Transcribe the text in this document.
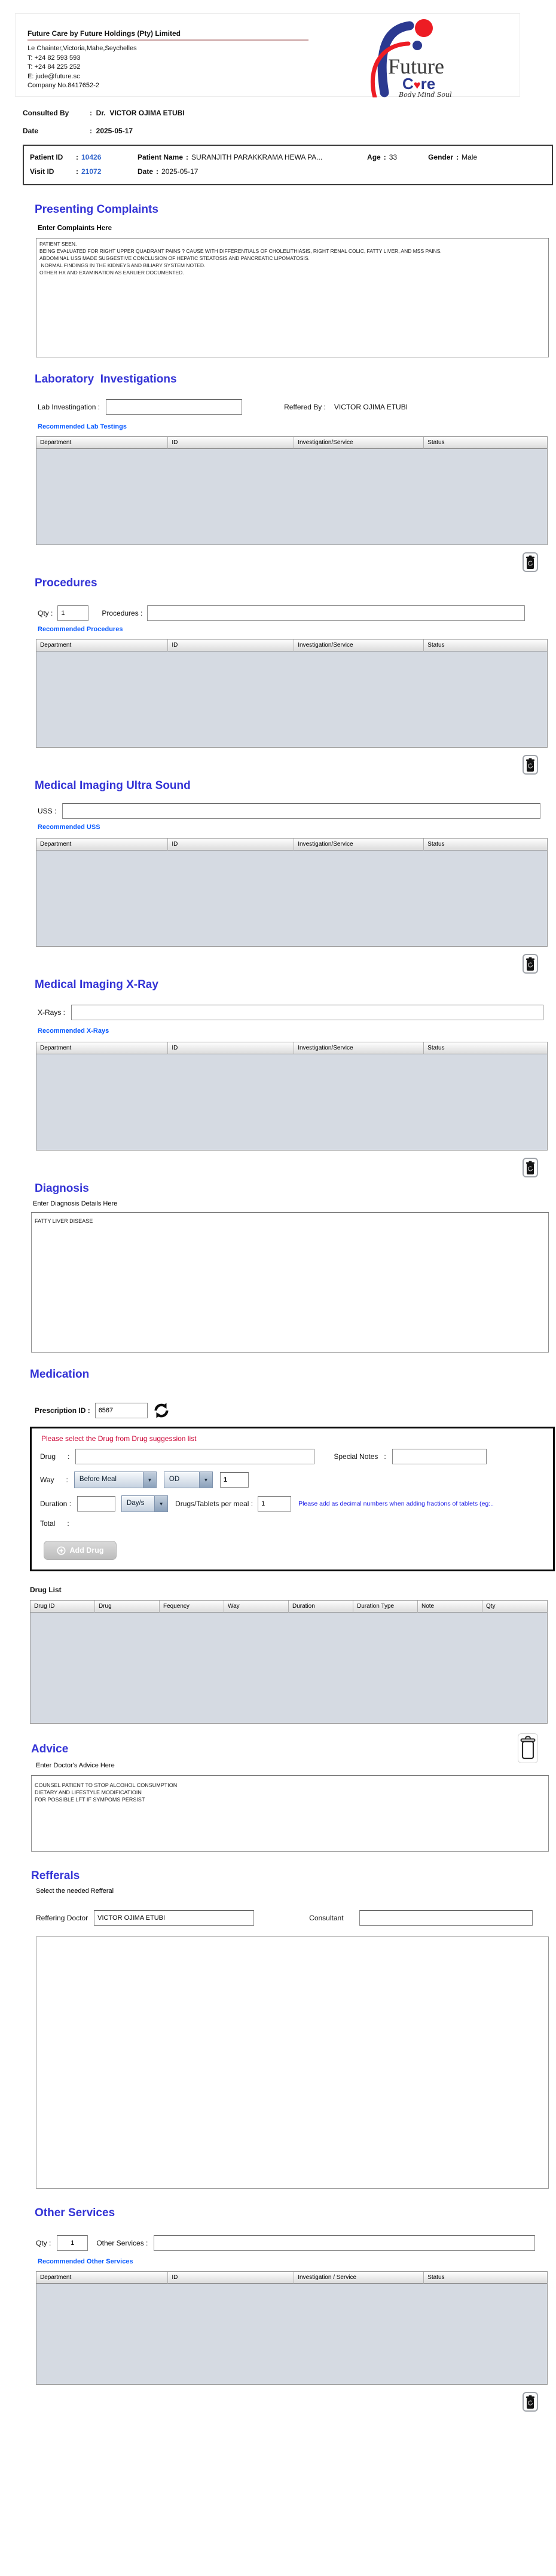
Future Care by Future Holdings (Pty) Limited
Le Chainter,Victoria,Mahe,Seychelles
T: +24 82 593 593
T: +24 84 225 252
E: jude@future.sc
Company No.8417652-2
Future
C♥re
Body Mind Soul
Consulted By	:  Dr.  VICTOR OJIMA ETUBI
Date	:  2025-05-17
Patient ID	: 10426	Patient Name : SURANJITH PARAKKRAMA HEWA PA...	Age : 33	Gender : Male
Visit ID	: 21072	Date : 2025-05-17
Presenting Complaints
Enter Complaints Here
PATIENT SEEN. BEING EVALUATED FOR RIGHT UPPER QUADRANT PAINS ? CAUSE WITH DIFFERENTIALS OF CHOLELITHIASIS, RIGHT RENAL COLIC, FATTY LIVER, AND MSS PAINS. ABDOMINAL USS MADE SUGGESTIVE CONCLUSION OF HEPATIC STEATOSIS AND PANCREATIC LIPOMATOSIS. NORMAL FINDINGS IN THE KIDNEYS AND BILIARY SYSTEM NOTED. OTHER HX AND EXAMINATION AS EARLIER DOCUMENTED.
Laboratory  Investigations
Lab Investingation :	Reffered By : VICTOR OJIMA ETUBI
Recommended Lab Testings
Department	ID	Investigation/Service	Status
Procedures
Qty :
1	Procedures :
Recommended Procedures
Department	ID	Investigation/Service	Status
Medical Imaging Ultra Sound
USS :
Recommended USS
Department	ID	Investigation/Service	Status
Medical Imaging X-Ray
X-Rays :
Recommended X-Rays
Department	ID	Investigation/Service	Status
Diagnosis
Enter Diagnosis Details Here
FATTY LIVER DISEASE
Medication
Prescription ID :
6567
Please select the Drug from Drug suggession list
Drug      :	Special Notes   :
Way      :	Before Meal	▼	OD	▼
1
Duration :	Day/s	▼	Drugs/Tablets per meal :
1	Please add as decimal numbers when adding fractions of tablets (eg:..
Total      :
Add Drug
Drug List
Drug ID	Drug	Fequency	Way	Duration	Duration Type	Note	Qty
Advice
Enter Doctor's Advice Here
COUNSEL PATIENT TO STOP ALCOHOL CONSUMPTION DIETARY AND LIFESTYLE MODIFICATIOIN FOR POSSIBLE LFT IF SYMPOMS PERSIST
Refferals
Select the needed Refferal
Reffering Doctor
VICTOR OJIMA ETUBI	Consultant
Other Services
Qty :
1	Other Services :
Recommended Other Services
Department	ID	Investigation / Service	Status
